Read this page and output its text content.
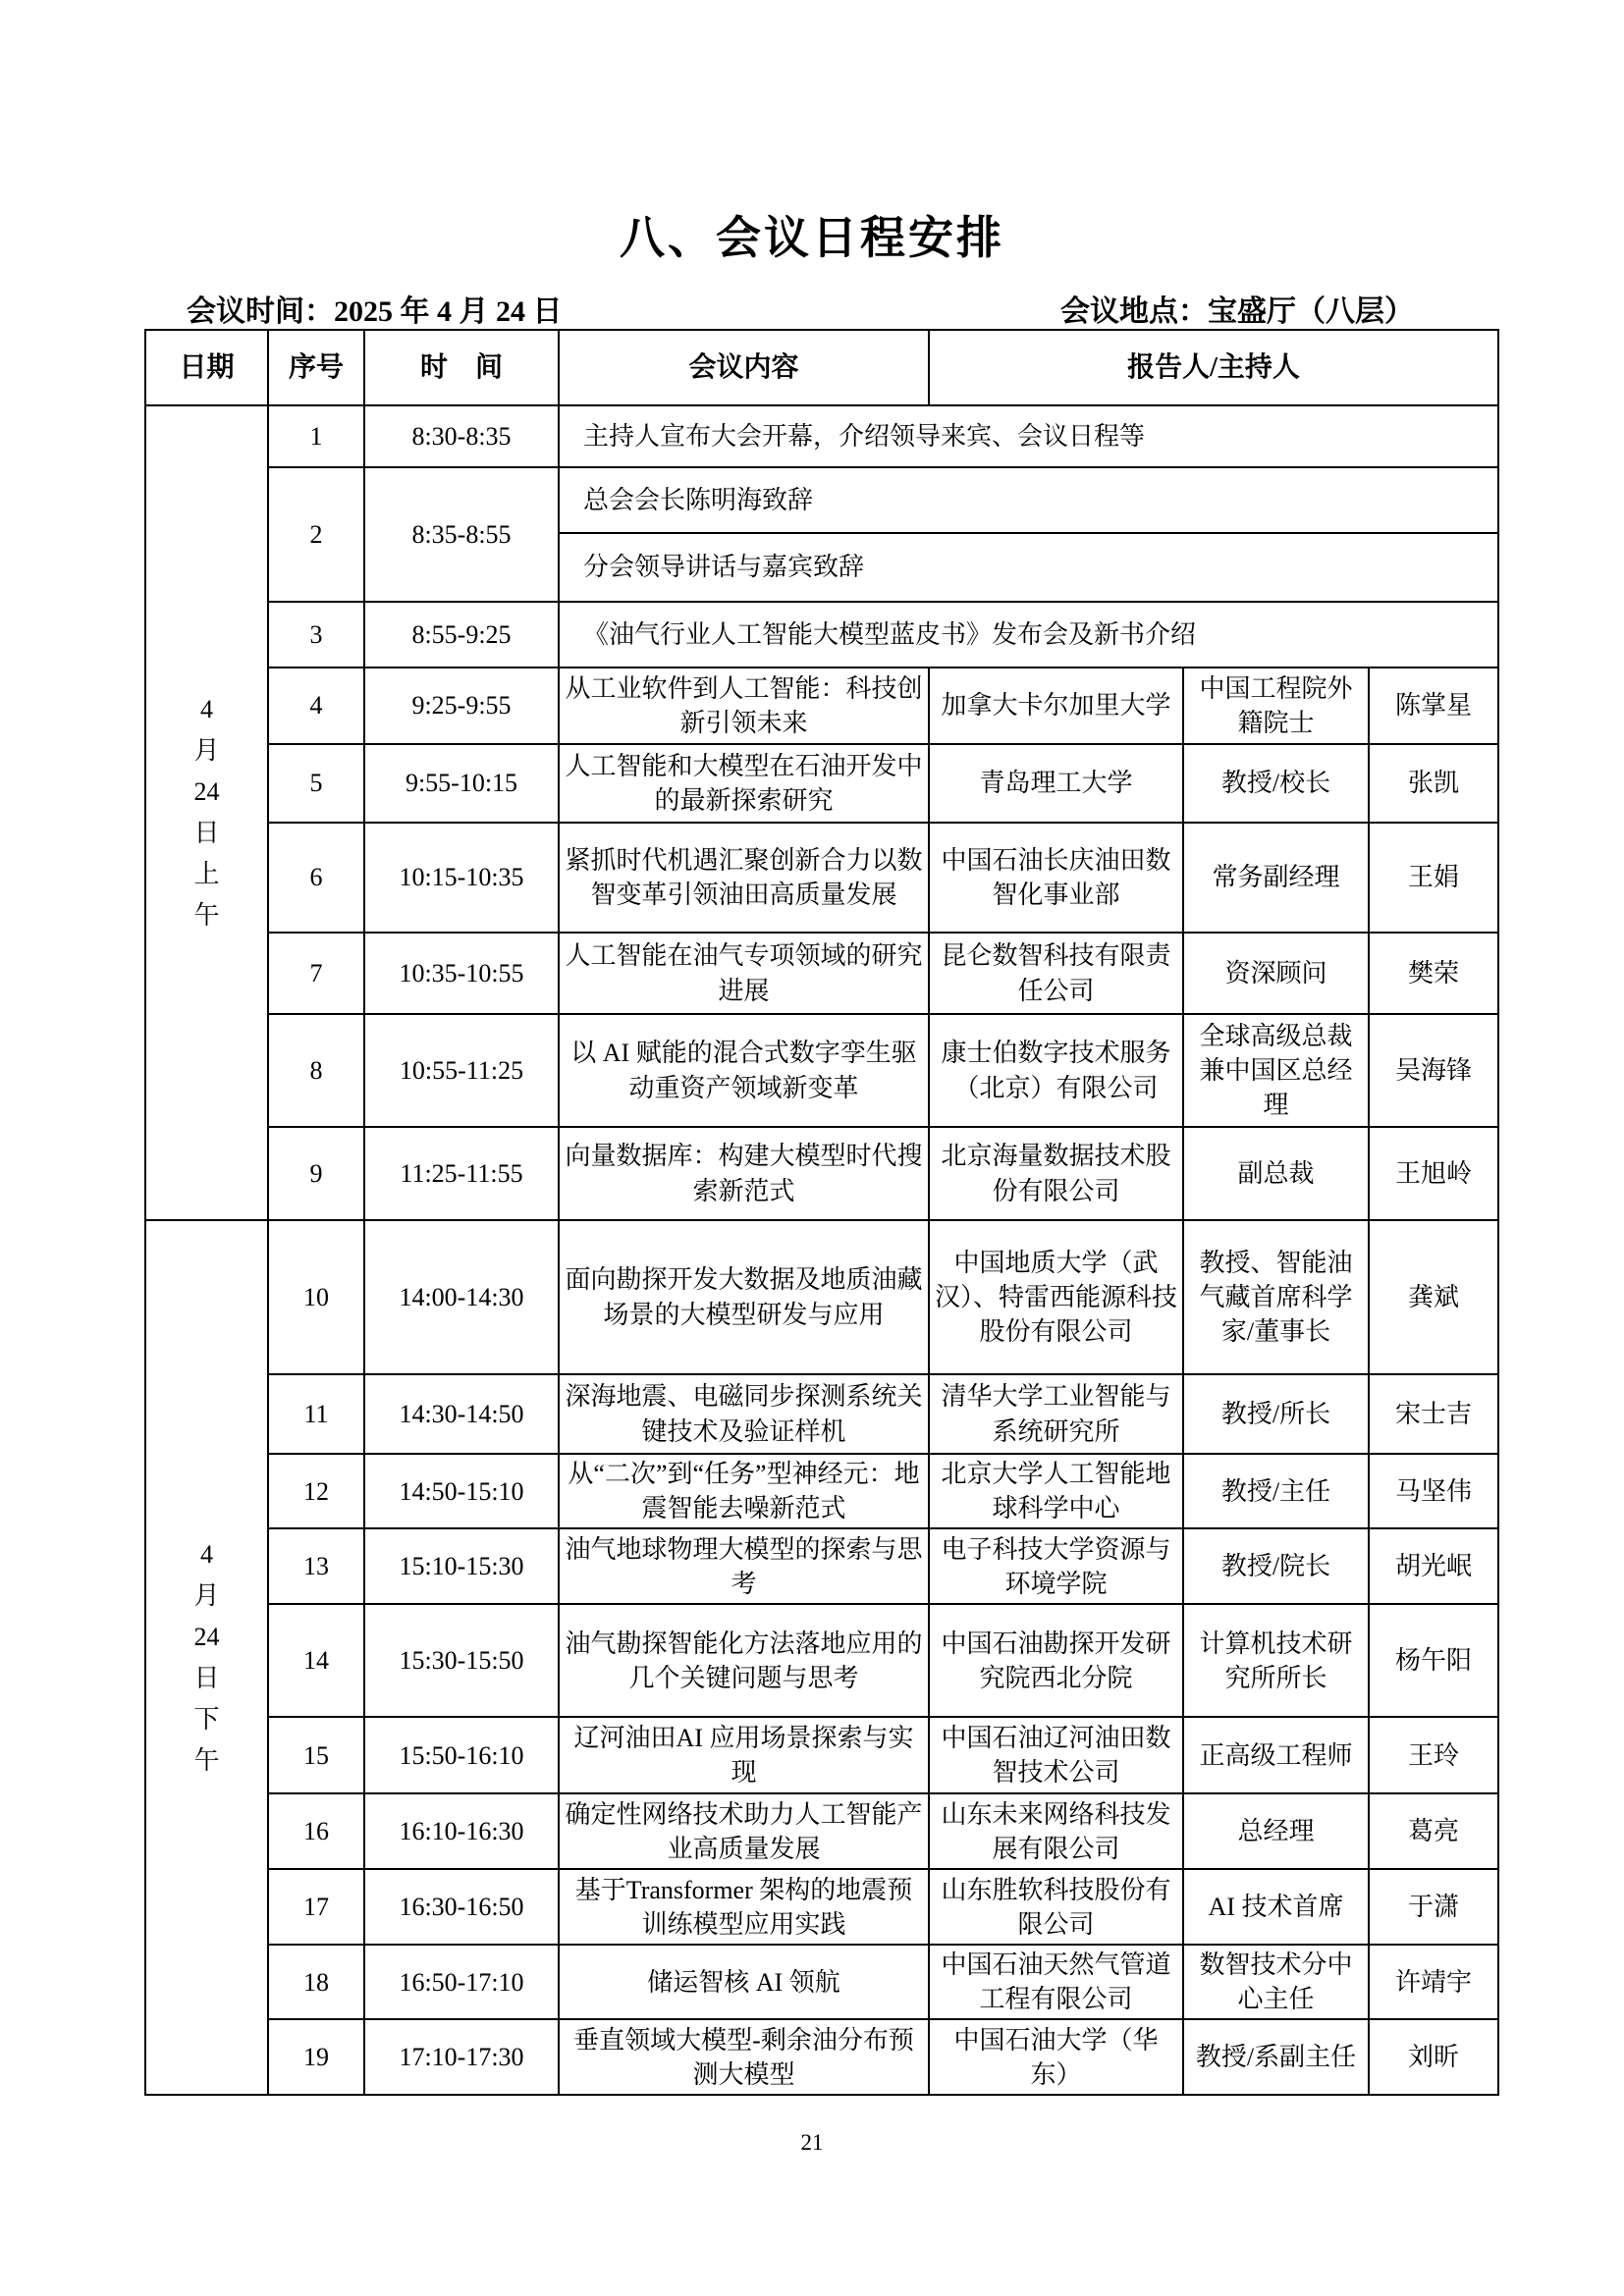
八、会议日程安排
会议时间：2025 年 4 月 24 日	会议地点：宝盛厅（八层）
日期	序号	时　间	会议内容	报告人/主持人		

4
月
24
日
上
午
	1	8:30-8:35	主持人宣布大会开幕，介绍领导来宾、会议日程等
	2	8:35-8:55	总会会长陈明海致辞			
			分会领导讲话与嘉宾致辞			
	3	8:55-9:25	《油气行业人工智能大模型蓝皮书》发布会及新书介绍			
	4	9:25-9:55	从工业软件到人工智能：科技创新引领未来	加拿大卡尔加里大学	中国工程院外籍院士	陈掌星
	5	9:55-10:15	人工智能和大模型在石油开发中的最新探索研究	青岛理工大学	教授/校长	张凯
	6	10:15-10:35	紧抓时代机遇汇聚创新合力以数智变革引领油田高质量发展	中国石油长庆油田数智化事业部	常务副经理	王娟
	7	10:35-10:55	人工智能在油气专项领域的研究进展	昆仑数智科技有限责任公司	资深顾问	樊荣
	8	10:55-11:25	以 AI 赋能的混合式数字孪生驱动重资产领域新变革	康士伯数字技术服务（北京）有限公司	全球高级总裁兼中国区总经理	吴海锋
	9	11:25-11:55	向量数据库：构建大模型时代搜索新范式	北京海量数据技术股份有限公司	副总裁	王旭岭

4
月
24
日
下
午
	10	14:00-14:30	面向勘探开发大数据及地质油藏场景的大模型研发与应用	中国地质大学（武汉）、特雷西能源科技股份有限公司	教授、智能油气藏首席科学家/董事长	龚斌
	11	14:30-14:50	深海地震、电磁同步探测系统关键技术及验证样机	清华大学工业智能与系统研究所	教授/所长	宋士吉
	12	14:50-15:10	从“二次”到“任务”型神经元：地震智能去噪新范式	北京大学人工智能地球科学中心	教授/主任	马坚伟
	13	15:10-15:30	油气地球物理大模型的探索与思考	电子科技大学资源与环境学院	教授/院长	胡光岷
	14	15:30-15:50	油气勘探智能化方法落地应用的几个关键问题与思考	中国石油勘探开发研究院西北分院	计算机技术研究所所长	杨午阳
	15	15:50-16:10	辽河油田AI 应用场景探索与实现	中国石油辽河油田数智技术公司	正高级工程师	王玲
	16	16:10-16:30	确定性网络技术助力人工智能产业高质量发展	山东未来网络科技发展有限公司	总经理	葛亮
	17	16:30-16:50	基于Transformer 架构的地震预训练模型应用实践	山东胜软科技股份有限公司	AI 技术首席	于潇
	18	16:50-17:10	储运智核 AI 领航	中国石油天然气管道工程有限公司	数智技术分中心主任	许靖宇
	19	17:10-17:30	垂直领域大模型-剩余油分布预测大模型	中国石油大学（华东）	教授/系副主任	刘昕
21
